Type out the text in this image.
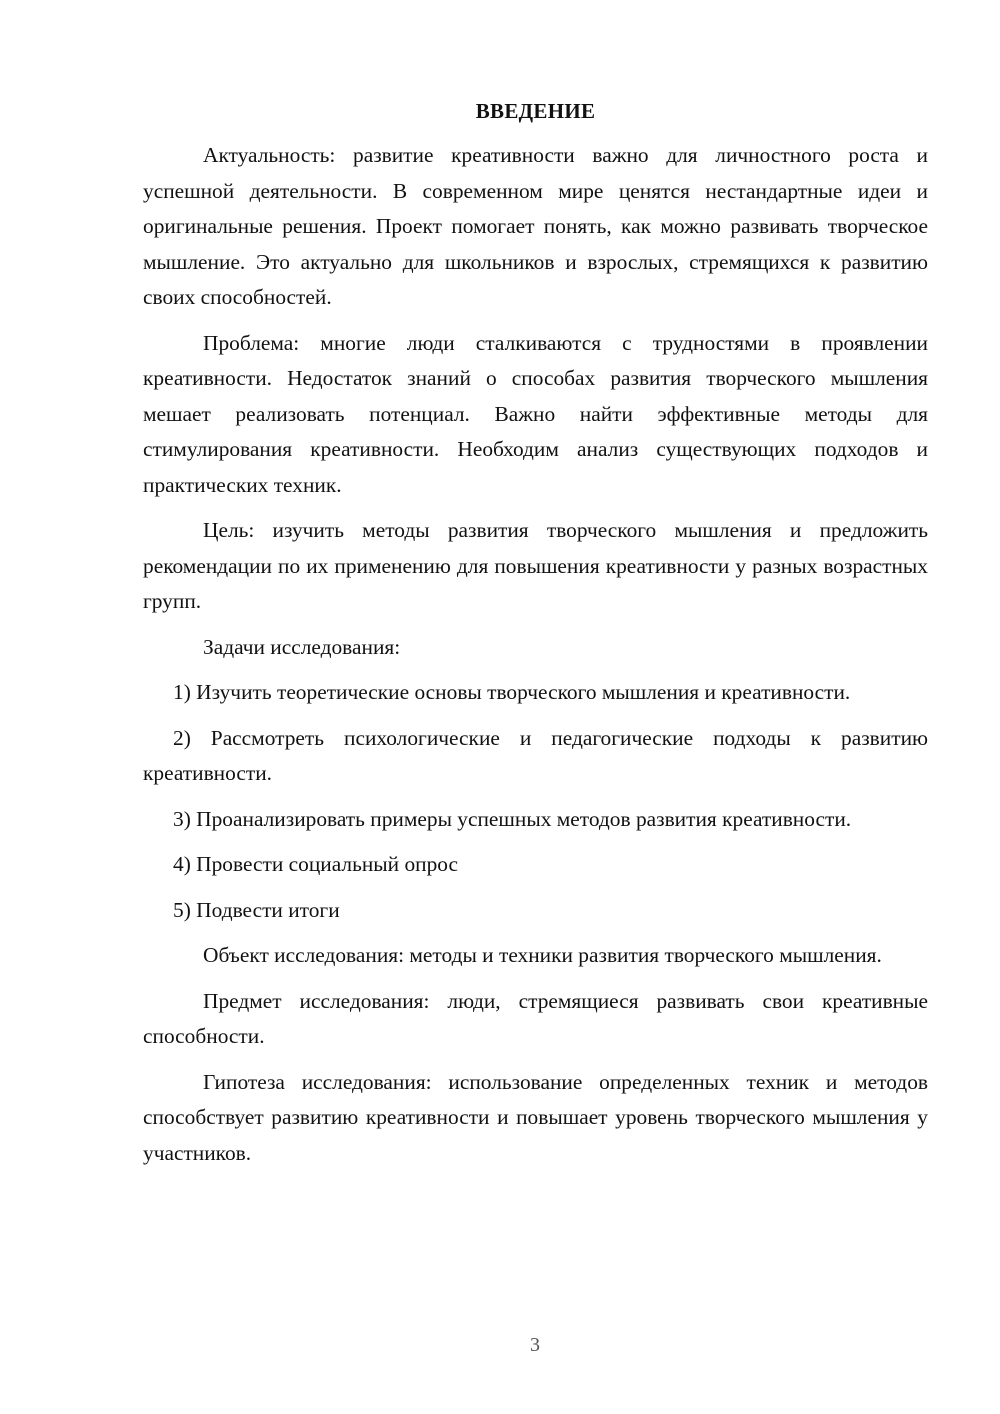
ВВЕДЕНИЕ

Актуальность: развитие креативности важно для личностного роста и успешной деятельности. В современном мире ценятся нестандартные идеи и оригинальные решения. Проект помогает понять, как можно развивать творческое мышление. Это актуально для школьников и взрослых, стремящихся к развитию своих способностей.

Проблема: многие люди сталкиваются с трудностями в проявлении креативности. Недостаток знаний о способах развития творческого мышления мешает реализовать потенциал. Важно найти эффективные методы для стимулирования креативности. Необходим анализ существующих подходов и практических техник.

Цель: изучить методы развития творческого мышления и предложить рекомендации по их применению для повышения креативности у разных возрастных групп.

Задачи исследования:

1) Изучить теоретические основы творческого мышления и креативности.

2) Рассмотреть психологические и педагогические подходы к развитию креативности.

3) Проанализировать примеры успешных методов развития креативности.

4) Провести социальный опрос

5) Подвести итоги

Объект исследования: методы и техники развития творческого мышления.

Предмет исследования: люди, стремящиеся развивать свои креативные способности.

Гипотеза исследования: использование определенных техник и методов способствует развитию креативности и повышает уровень творческого мышления у участников.

3
